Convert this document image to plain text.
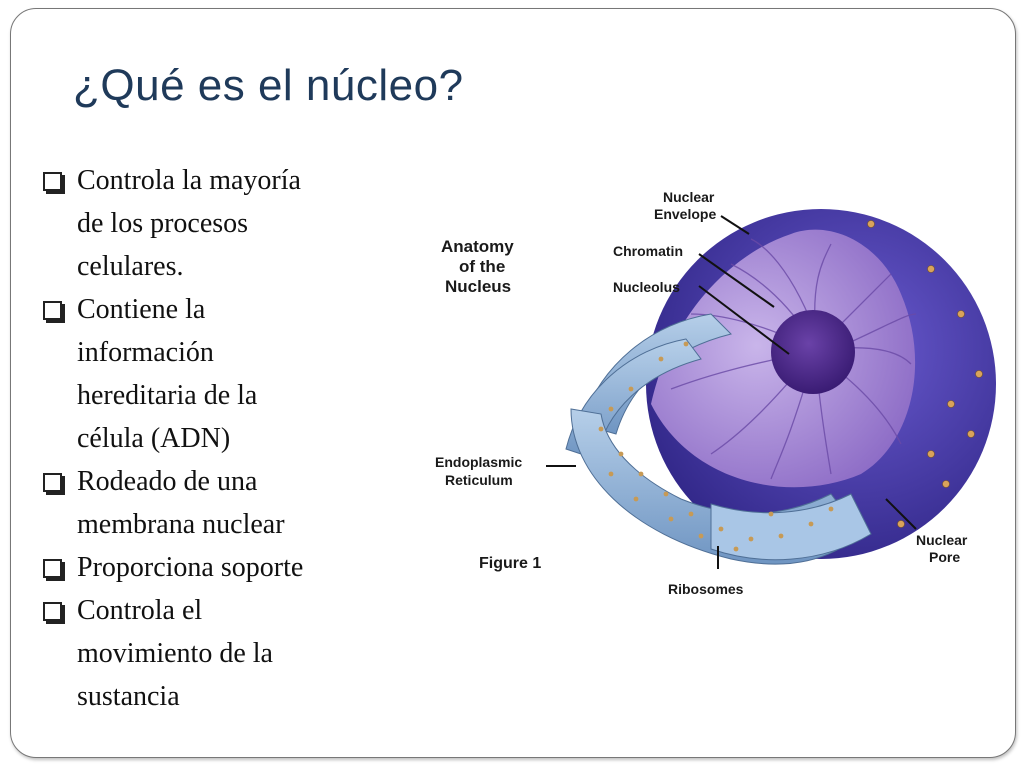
¿Qué es el núcleo?
Controla la mayoría
de los procesos
celulares.
Contiene la
información
hereditaria de la
célula (ADN)
Rodeado de una
membrana nuclear
Proporciona soporte
Controla el
movimiento de la
sustancia
Anatomy of the Nucleus
Nuclear Envelope
Chromatin
Nucleolus
Endoplasmic Reticulum
Figure 1
Ribosomes
Nuclear Pore
